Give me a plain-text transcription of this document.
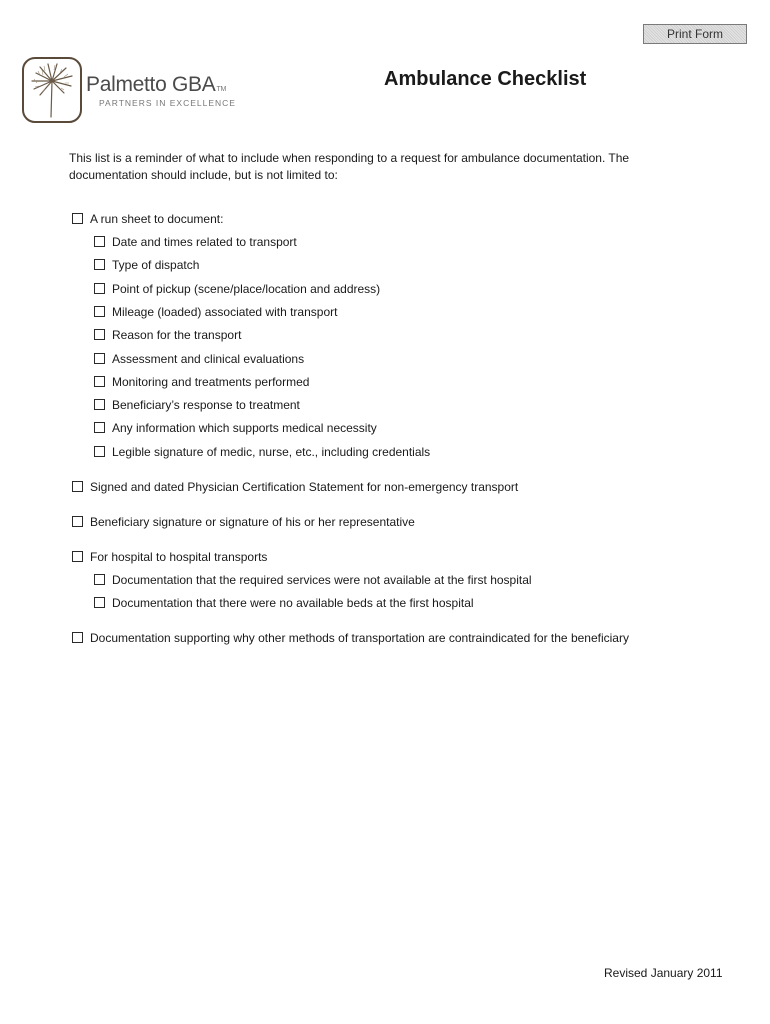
Print Form
Palmetto GBATM
PARTNERS IN EXCELLENCE
Ambulance Checklist

This list is a reminder of what to include when responding to a request for ambulance documentation. The documentation should include, but is not limited to:

A run sheet to document:
Date and times related to transport
Type of dispatch
Point of pickup (scene/place/location and address)
Mileage (loaded) associated with transport
Reason for the transport
Assessment and clinical evaluations
Monitoring and treatments performed
Beneficiary’s response to treatment
Any information which supports medical necessity
Legible signature of medic, nurse, etc., including credentials
Signed and dated Physician Certification Statement for non-emergency transport
Beneficiary signature or signature of his or her representative
For hospital to hospital transports
Documentation that the required services were not available at the first hospital
Documentation that there were no available beds at the first hospital
Documentation supporting why other methods of transportation are contraindicated for the beneficiary
Revised January 2011
